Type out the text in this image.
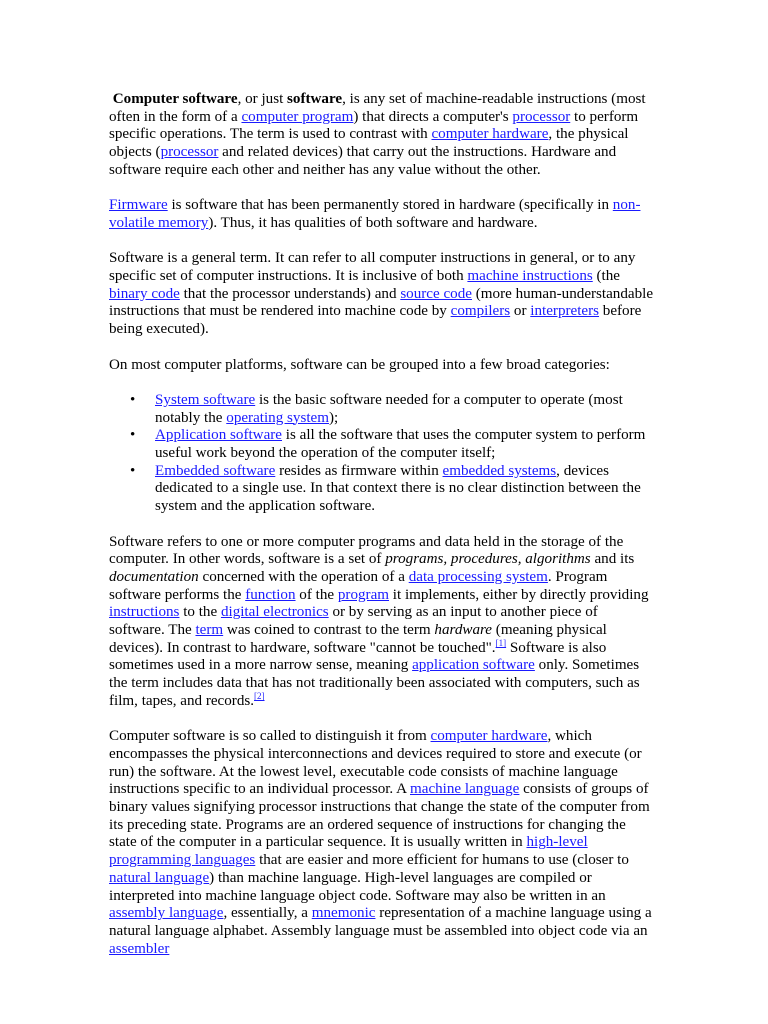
Computer software, or just software, is any set of machine-readable instructions (most often in the form of a computer program) that directs a computer's processor to perform specific operations. The term is used to contrast with computer hardware, the physical objects (processor and related devices) that carry out the instructions. Hardware and software require each other and neither has any value without the other.

Firmware is software that has been permanently stored in hardware (specifically in non-volatile memory). Thus, it has qualities of both software and hardware.

Software is a general term. It can refer to all computer instructions in general, or to any specific set of computer instructions. It is inclusive of both machine instructions (the binary code that the processor understands) and source code (more human-understandable instructions that must be rendered into machine code by compilers or interpreters before being executed).

On most computer platforms, software can be grouped into a few broad categories:

• System software is the basic software needed for a computer to operate (most notably the operating system);
• Application software is all the software that uses the computer system to perform useful work beyond the operation of the computer itself;
• Embedded software resides as firmware within embedded systems, devices dedicated to a single use. In that context there is no clear distinction between the system and the application software.

Software refers to one or more computer programs and data held in the storage of the computer. In other words, software is a set of programs, procedures, algorithms and its documentation concerned with the operation of a data processing system. Program software performs the function of the program it implements, either by directly providing instructions to the digital electronics or by serving as an input to another piece of software. The term was coined to contrast to the term hardware (meaning physical devices). In contrast to hardware, software "cannot be touched".[1] Software is also sometimes used in a more narrow sense, meaning application software only. Sometimes the term includes data that has not traditionally been associated with computers, such as film, tapes, and records.[2]

Computer software is so called to distinguish it from computer hardware, which encompasses the physical interconnections and devices required to store and execute (or run) the software. At the lowest level, executable code consists of machine language instructions specific to an individual processor. A machine language consists of groups of binary values signifying processor instructions that change the state of the computer from its preceding state. Programs are an ordered sequence of instructions for changing the state of the computer in a particular sequence. It is usually written in high-level programming languages that are easier and more efficient for humans to use (closer to natural language) than machine language. High-level languages are compiled or interpreted into machine language object code. Software may also be written in an assembly language, essentially, a mnemonic representation of a machine language using a natural language alphabet. Assembly language must be assembled into object code via an assembler
